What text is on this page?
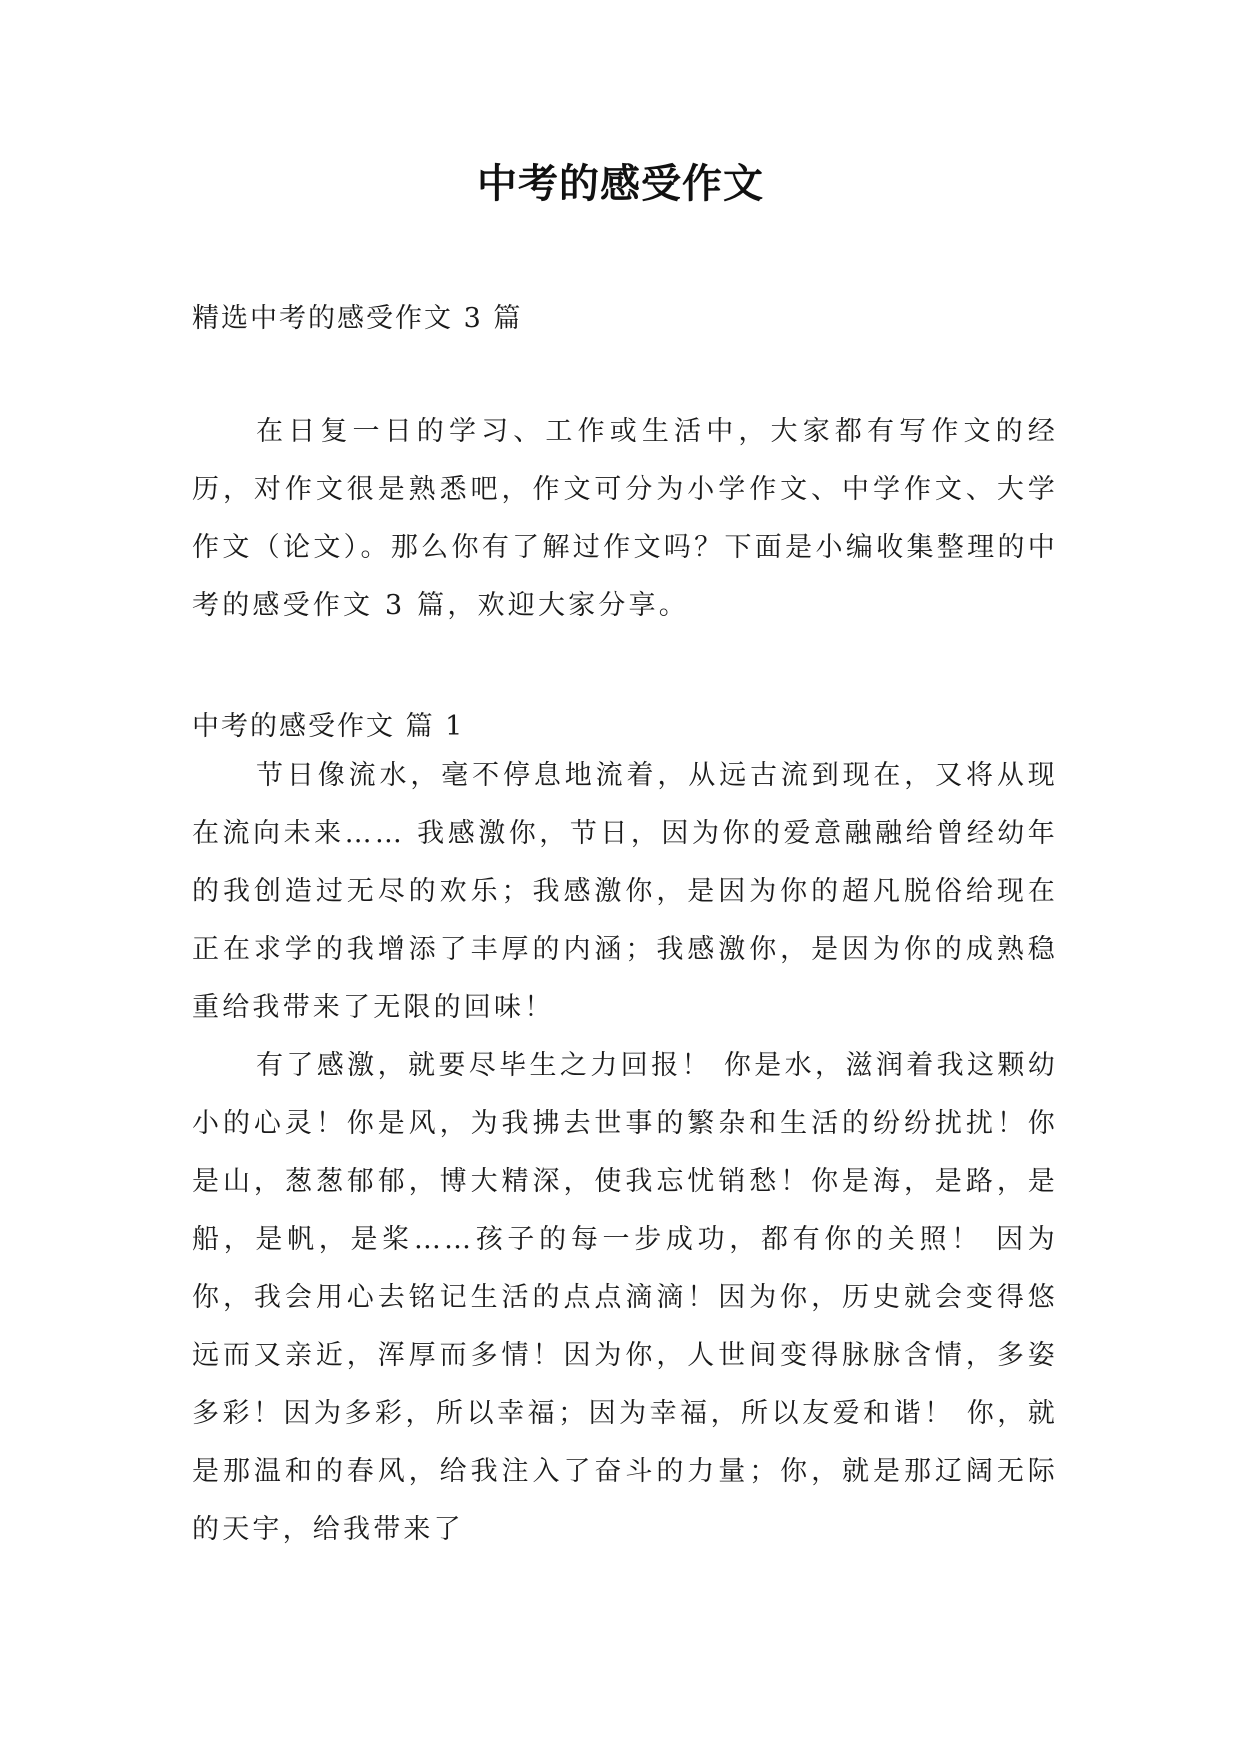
中考的感受作文
精选中考的感受作文 3 篇

在日复一日的学习、工作或生活中，大家都有写作文的经历，对作文很是熟悉吧，作文可分为小学作文、中学作文、大学作文（论文）。那么你有了解过作文吗？下面是小编收集整理的中考的感受作文 3 篇，欢迎大家分享。

中考的感受作文 篇 1

节日像流水，毫不停息地流着，从远古流到现在，又将从现在流向未来…… 我感激你，节日，因为你的爱意融融给曾经幼年的我创造过无尽的欢乐；我感激你，是因为你的超凡脱俗给现在正在求学的我增添了丰厚的内涵；我感激你，是因为你的成熟稳重给我带来了无限的回味！

有了感激，就要尽毕生之力回报！ 你是水，滋润着我这颗幼小的心灵！你是风，为我拂去世事的繁杂和生活的纷纷扰扰！你是山，葱葱郁郁，博大精深，使我忘忧销愁！你是海，是路，是船，是帆，是桨……孩子的每一步成功，都有你的关照！ 因为你，我会用心去铭记生活的点点滴滴！因为你，历史就会变得悠远而又亲近，浑厚而多情！因为你，人世间变得脉脉含情，多姿多彩！因为多彩，所以幸福；因为幸福，所以友爱和谐！ 你，就是那温和的春风，给我注入了奋斗的力量；你，就是那辽阔无际的天宇，给我带来了
